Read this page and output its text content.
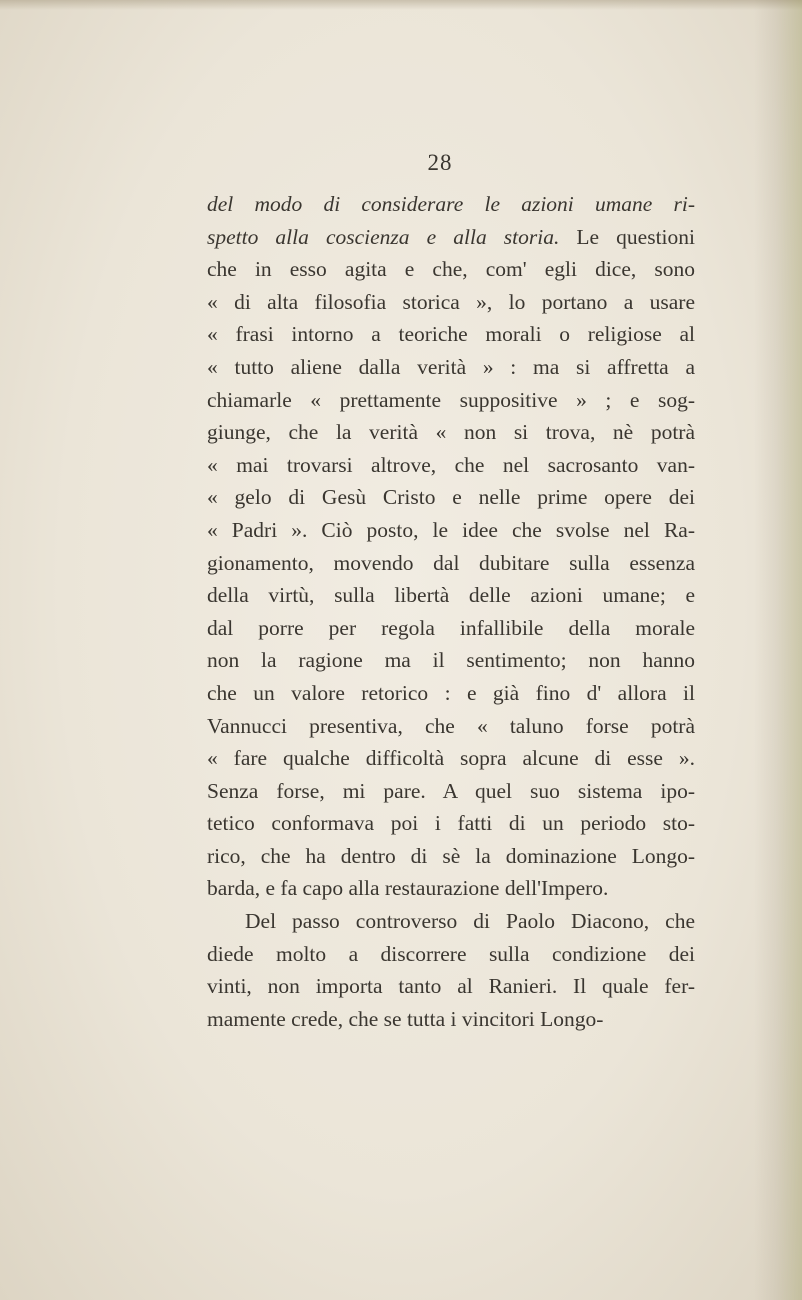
28
del modo di considerare le azioni umane ri-
spetto alla coscienza e alla storia. Le questioni
che in esso agita e che, com' egli dice, sono
« di alta filosofia storica », lo portano a usare
« frasi intorno a teoriche morali o religiose al
« tutto aliene dalla verità » : ma si affretta a
chiamarle « prettamente suppositive » ; e sog-
giunge, che la verità « non si trova, nè potrà
« mai trovarsi altrove, che nel sacrosanto van-
« gelo di Gesù Cristo e nelle prime opere dei
« Padri ». Ciò posto, le idee che svolse nel Ra-
gionamento, movendo dal dubitare sulla essenza
della virtù, sulla libertà delle azioni umane; e
dal porre per regola infallibile della morale
non la ragione ma il sentimento; non hanno
che un valore retorico : e già fino d' allora il
Vannucci presentiva, che « taluno forse potrà
« fare qualche difficoltà sopra alcune di esse ».
Senza forse, mi pare. A quel suo sistema ipo-
tetico conformava poi i fatti di un periodo sto-
rico, che ha dentro di sè la dominazione Longo-
barda, e fa capo alla restaurazione dell'Impero.
Del passo controverso di Paolo Diacono, che
diede molto a discorrere sulla condizione dei
vinti, non importa tanto al Ranieri. Il quale fer-
mamente crede, che se tutta i vincitori Longo-
